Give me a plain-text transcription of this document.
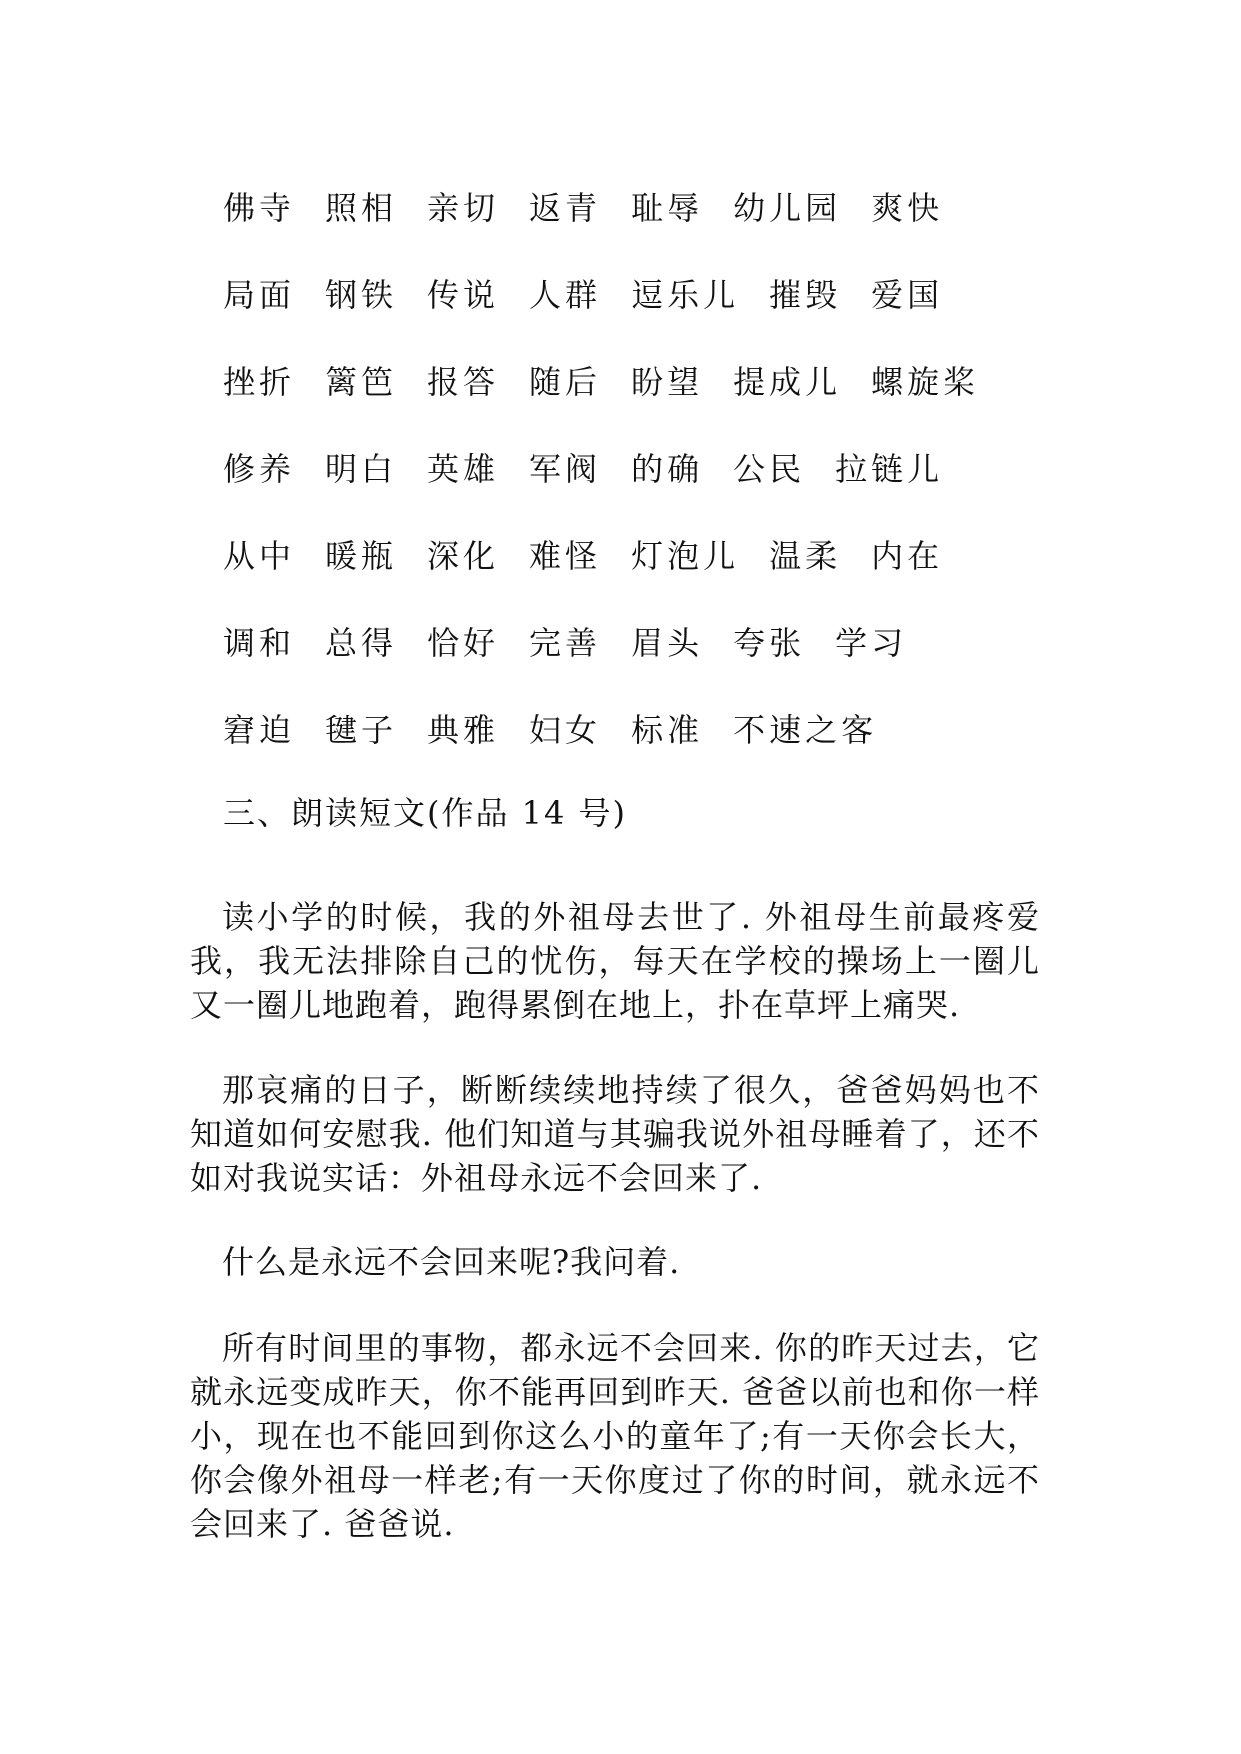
佛寺 照相 亲切 返青 耻辱 幼儿园 爽快
局面 钢铁 传说 人群 逗乐儿 摧毁 爱国
挫折 篱笆 报答 随后 盼望 提成儿 螺旋桨
修养 明白 英雄 军阀 的确 公民 拉链儿
从中 暖瓶 深化 难怪 灯泡儿 温柔 内在
调和 总得 恰好 完善 眉头 夸张 学习
窘迫 毽子 典雅 妇女 标准 不速之客
三、朗读短文(作品 14 号)

读小学的时候，我的外祖母去世了. 外祖母生前最疼爱我，我无法排除自己的忧伤，每天在学校的操场上一圈儿又一圈儿地跑着，跑得累倒在地上，扑在草坪上痛哭.

那哀痛的日子，断断续续地持续了很久，爸爸妈妈也不知道如何安慰我. 他们知道与其骗我说外祖母睡着了，还不如对我说实话：外祖母永远不会回来了.

什么是永远不会回来呢?我问着.

所有时间里的事物，都永远不会回来. 你的昨天过去，它就永远变成昨天，你不能再回到昨天. 爸爸以前也和你一样小，现在也不能回到你这么小的童年了;有一天你会长大，你会像外祖母一样老;有一天你度过了你的时间，就永远不会回来了. 爸爸说.
